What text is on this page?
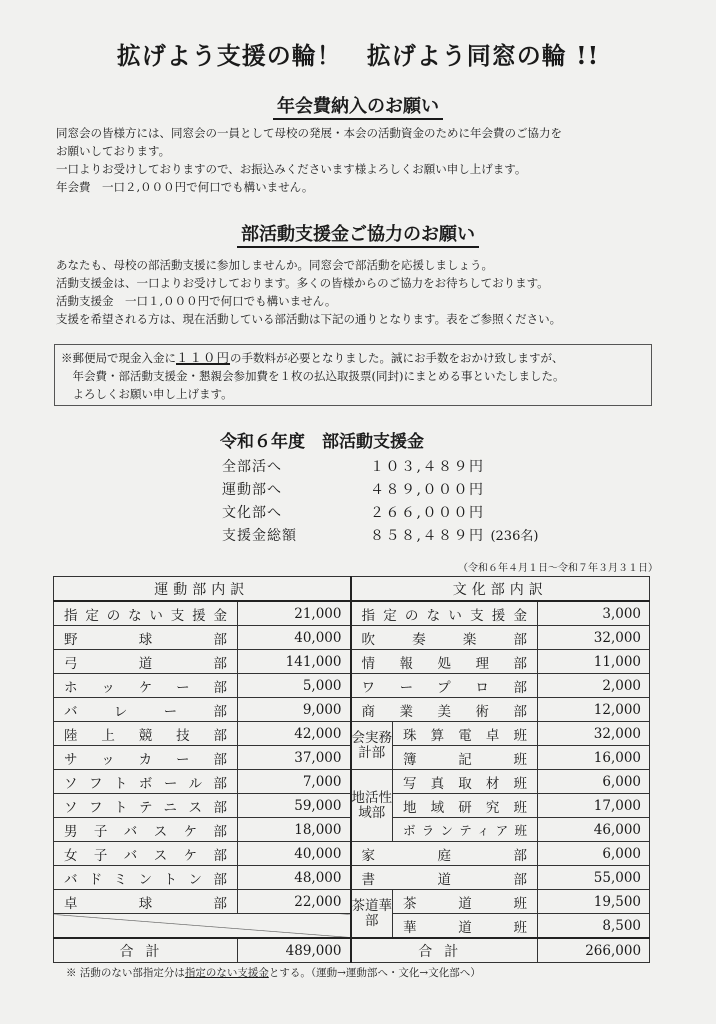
拡げよう支援の輪！　拡げよう同窓の輪 !!
年会費納入のお願い
同窓会の皆様方には、同窓会の一員として母校の発展・本会の活動資金のために年会費のご協力を
お願いしております。
一口よりお受けしておりますので、お振込みくださいます様よろしくお願い申し上げます。
年会費　一口２,０００円で何口でも構いません。
部活動支援金ご協力のお願い
あなたも、母校の部活動支援に参加しませんか。同窓会で部活動を応援しましょう。
活動支援金は、一口よりお受けしております。多くの皆様からのご協力をお待ちしております。
活動支援金　一口１,０００円で何口でも構いません。
支援を希望される方は、現在活動している部活動は下記の通りとなります。表をご参照ください。
※郵便局で現金入金に１１０円の手数料が必要となりました。誠にお手数をおかけ致しますが、
　年会費・部活動支援金・懇親会参加費を１枚の払込取扱票(同封)にまとめる事といたしました。
　よろしくお願い申し上げます。
令和６年度　部活動支援金
全部活へ	１０３,４８９円
運動部へ	４８９,０００円
文化部へ	２６６,０００円
支援金総額	８５８,４８９円 (236名)
（令和６年４月１日～令和７年３月３１日）
運動部内訳		文化部内訳		
指定のない支援金	21,000	指定のない支援金		3,000
野球部	40,000	吹奏楽部		32,000
弓道部	141,000	情報処理部		11,000
ホッケー部	5,000	ワープロ部		2,000
バレー部	9,000	商業美術部		12,000
陸上競技部	42,000	会実務計部	珠算電卓班	32,000
サッカー部	37,000		簿記班	16,000
ソフトボール部	7,000	地活性域部	写真取材班	6,000
ソフトテニス部	59,000		地域研究班	17,000
男子バスケ部	18,000		ボランティア班	46,000
女子バスケ部	40,000	家庭部		6,000
バドミントン部	48,000	書道部		55,000
卓球部	22,000	茶道華部	茶道班	19,500
			華道班	8,500
合計	489,000	合計		266,000
※ 活動のない部指定分は指定のない支援金とする。（運動→運動部へ・文化→文化部へ）
